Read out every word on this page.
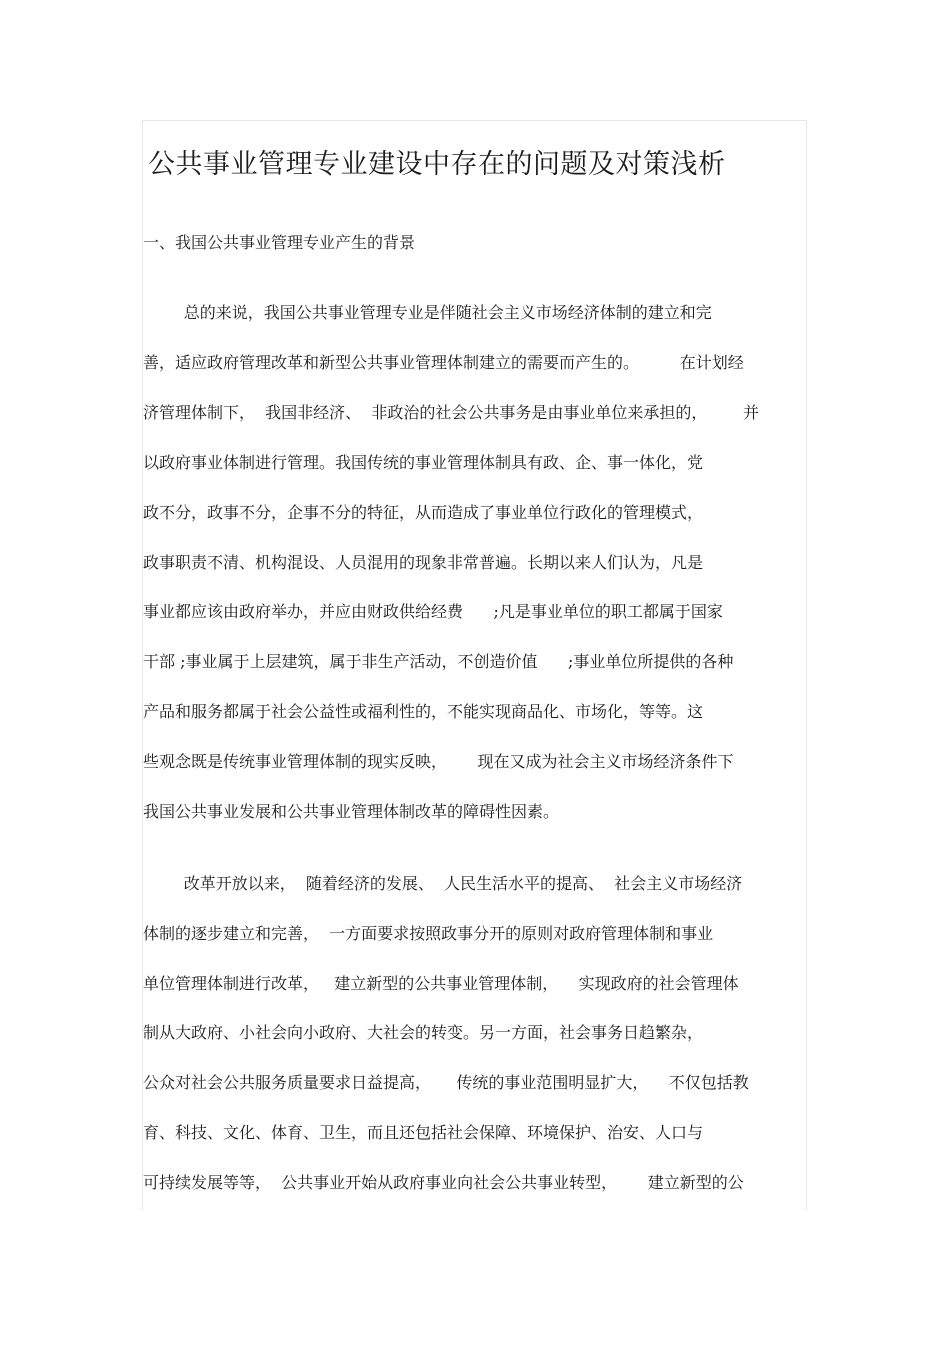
公共事业管理专业建设中存在的问题及对策浅析
一、我国公共事业管理专业产生的背景

总的来说，我国公共事业管理专业是伴随社会主义市场经济体制的建立和完

善，适应政府管理改革和新型公共事业管理体制建立的需要而产生的。        在计划经

济管理体制下，  我国非经济、  非政治的社会公共事务是由事业单位来承担的，       并

以政府事业体制进行管理。我国传统的事业管理体制具有政、企、事一体化，党

政不分，政事不分，企事不分的特征，从而造成了事业单位行政化的管理模式，

政事职责不清、机构混设、人员混用的现象非常普遍。长期以来人们认为，凡是

事业都应该由政府举办，并应由财政供给经费      ;凡是事业单位的职工都属于国家

干部 ;事业属于上层建筑，属于非生产活动，不创造价值      ;事业单位所提供的各种

产品和服务都属于社会公益性或福利性的，不能实现商品化、市场化，等等。这

些观念既是传统事业管理体制的现实反映，      现在又成为社会主义市场经济条件下

我国公共事业发展和公共事业管理体制改革的障碍性因素。

改革开放以来，  随着经济的发展、  人民生活水平的提高、  社会主义市场经济

体制的逐步建立和完善，  一方面要求按照政事分开的原则对政府管理体制和事业

单位管理体制进行改革，   建立新型的公共事业管理体制，    实现政府的社会管理体

制从大政府、小社会向小政府、大社会的转变。另一方面，社会事务日趋繁杂，

公众对社会公共服务质量要求日益提高，     传统的事业范围明显扩大，    不仅包括教

育、科技、文化、体育、卫生，而且还包括社会保障、环境保护、治安、人口与

可持续发展等等，  公共事业开始从政府事业向社会公共事业转型，      建立新型的公
